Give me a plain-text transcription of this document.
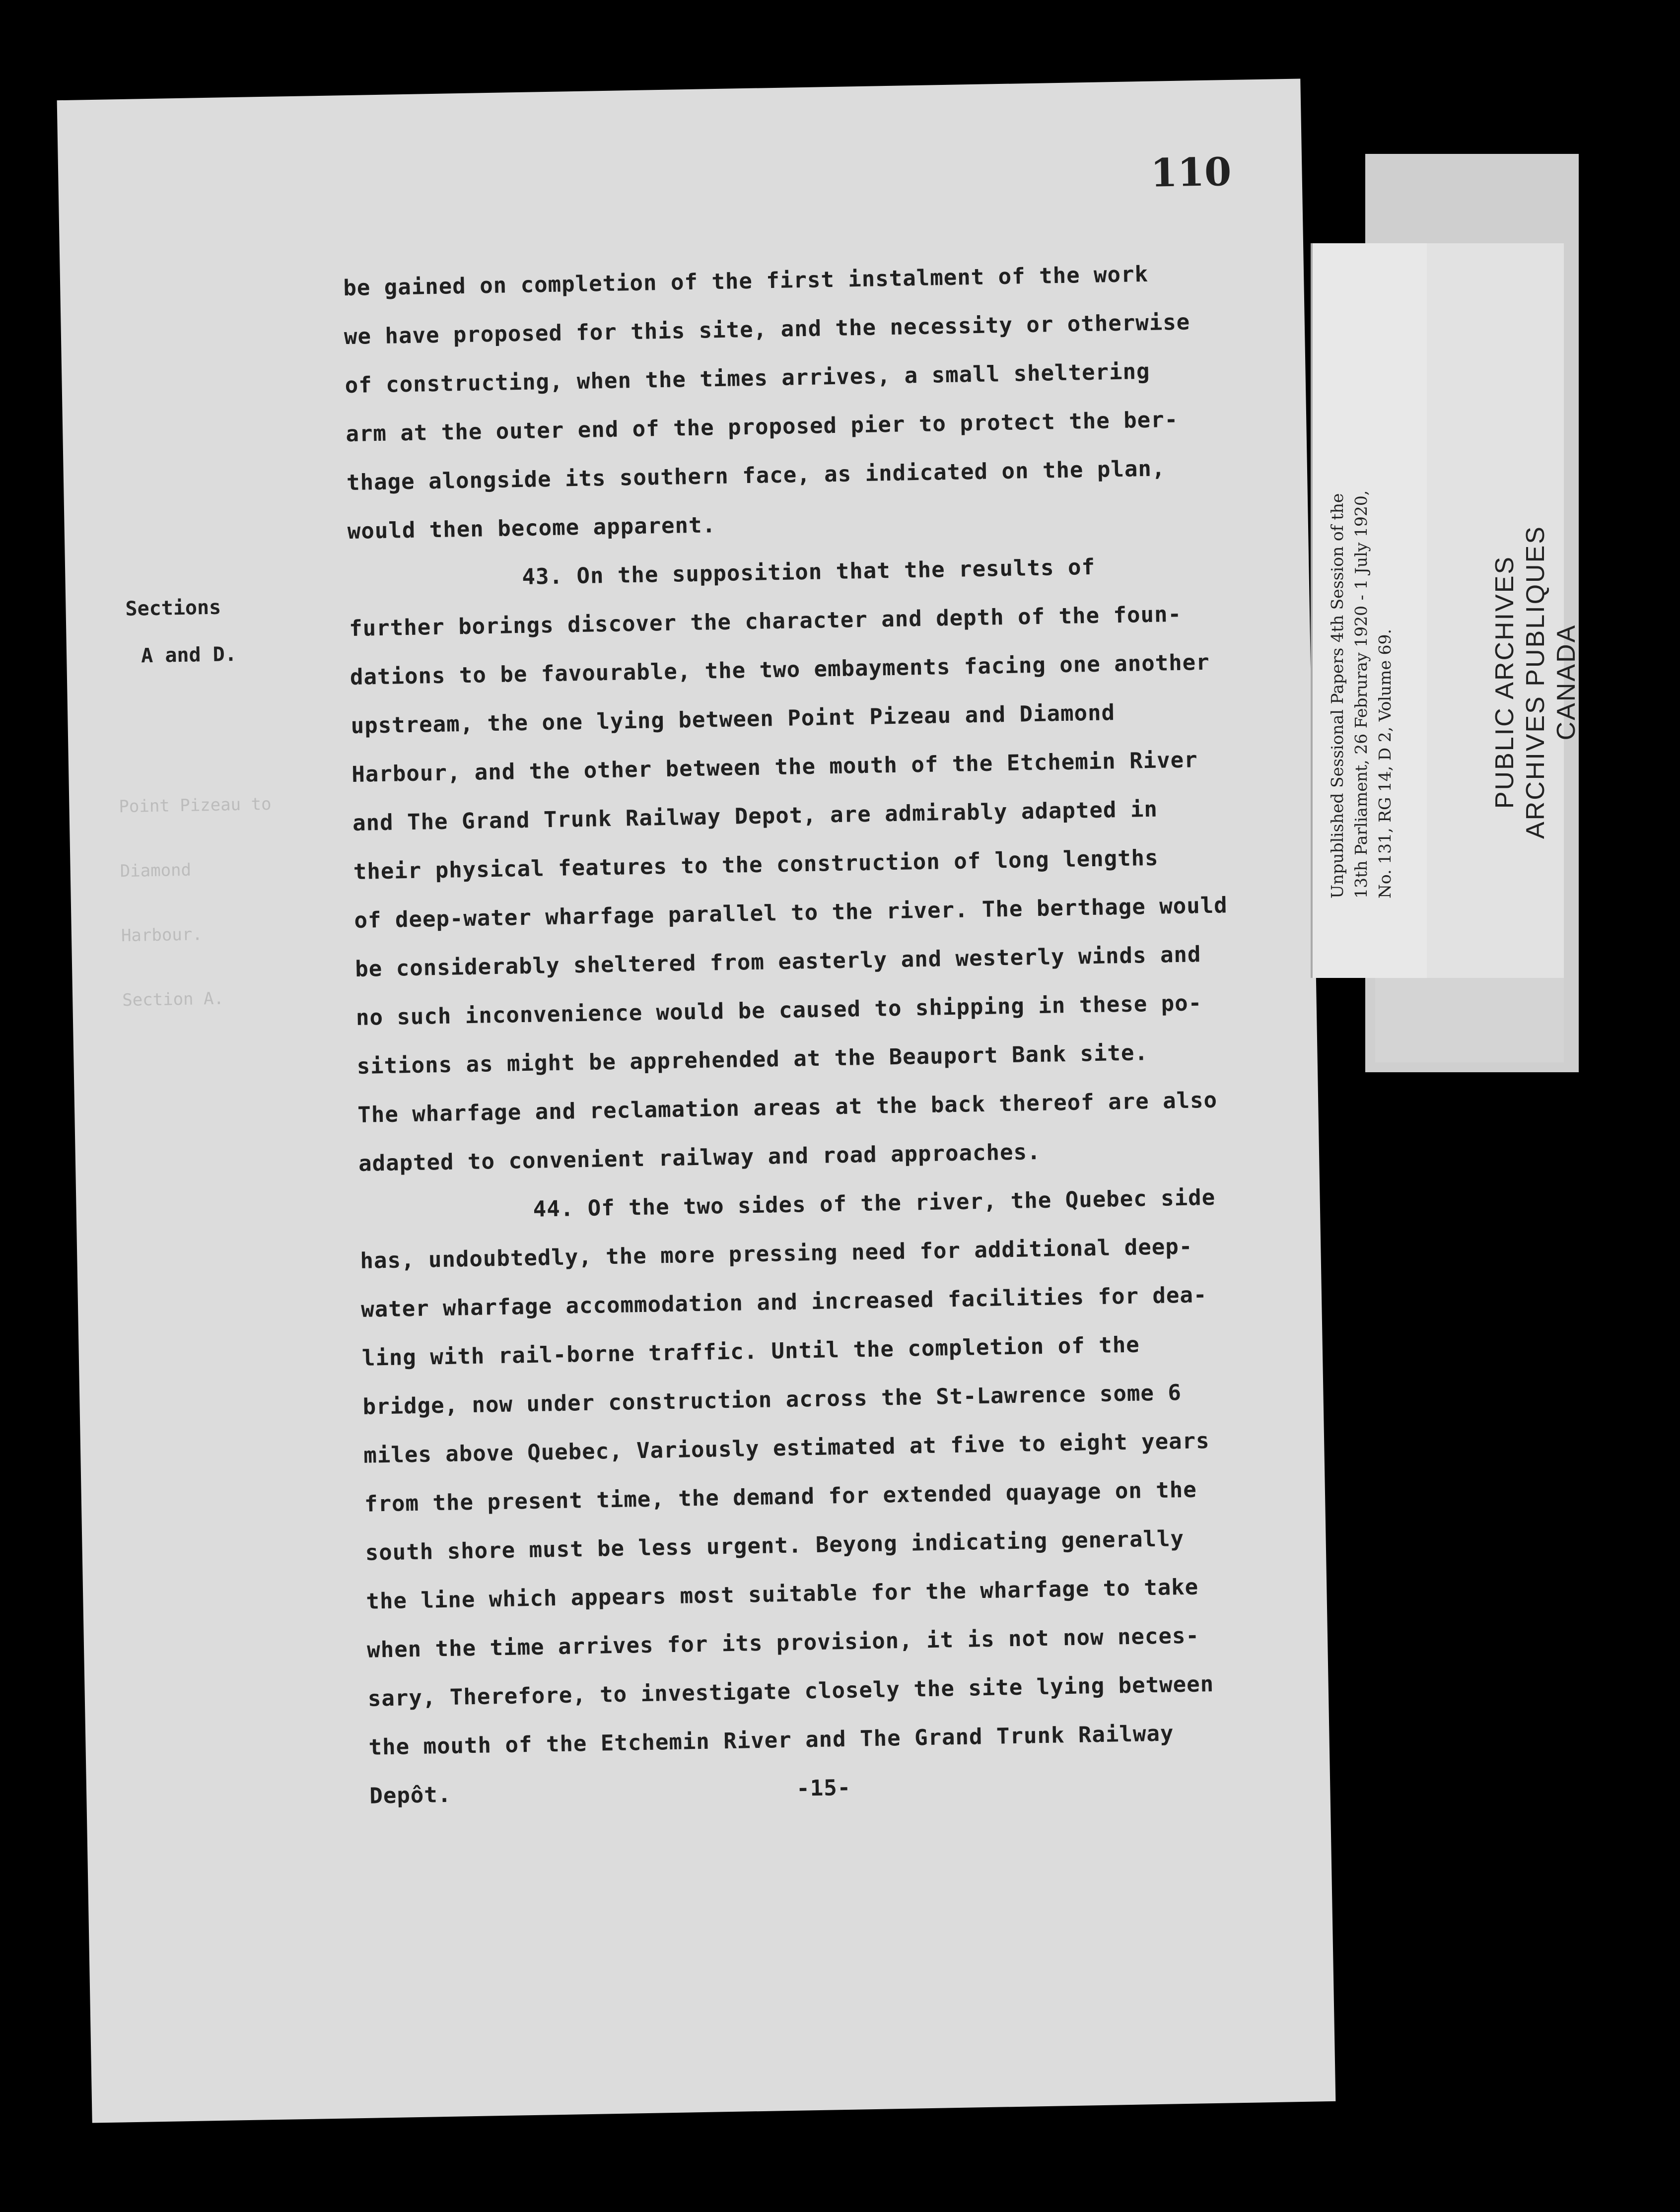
110
Sections
A and D.
Point Pizeau to
Diamond
Harbour.
Section A.
be gained on completion of the first instalment of the work
we have proposed for this site, and the necessity or otherwise
of constructing, when the times arrives, a small sheltering
arm at the outer end of the proposed pier to protect the ber-
thage alongside its southern face, as indicated on the plan,
would then become apparent.
43. On the supposition that the results of
further borings discover the character and depth of the foun-
dations to be favourable, the two embayments facing one another
upstream, the one lying between Point Pizeau and Diamond
Harbour, and the other between the mouth of the Etchemin River
and The Grand Trunk Railway Depot, are admirably adapted in
their physical features to the construction of long lengths
of deep-water wharfage parallel to the river. The berthage would
be considerably sheltered from easterly and westerly winds and
no such inconvenience would be caused to shipping in these po-
sitions as might be apprehended at the Beauport Bank site.
The wharfage and reclamation areas at the back thereof are also
adapted to convenient railway and road approaches.
44. Of the two sides of the river, the Quebec side
has, undoubtedly, the more pressing need for additional deep-
water wharfage accommodation and increased facilities for dea-
ling with rail-borne traffic. Until the completion of the
bridge, now under construction across the St-Lawrence some 6
miles above Quebec, Variously estimated at five to eight years
from the present time, the demand for extended quayage on the
south shore must be less urgent. Beyong indicating generally
the line which appears most suitable for the wharfage to take
when the time arrives for its provision, it is not now neces-
sary, Therefore, to investigate closely the site lying between
the mouth of the Etchemin River and The Grand Trunk Railway
Depôt.	-15-
Unpublished Sessional Papers 4th Session of the 13th Parliament, 26 Februray 1920 - 1 July 1920, No. 131, RG 14, D 2, Volume 69.	PUBLIC ARCHIVES ARCHIVES PUBLIQUES CANADA
